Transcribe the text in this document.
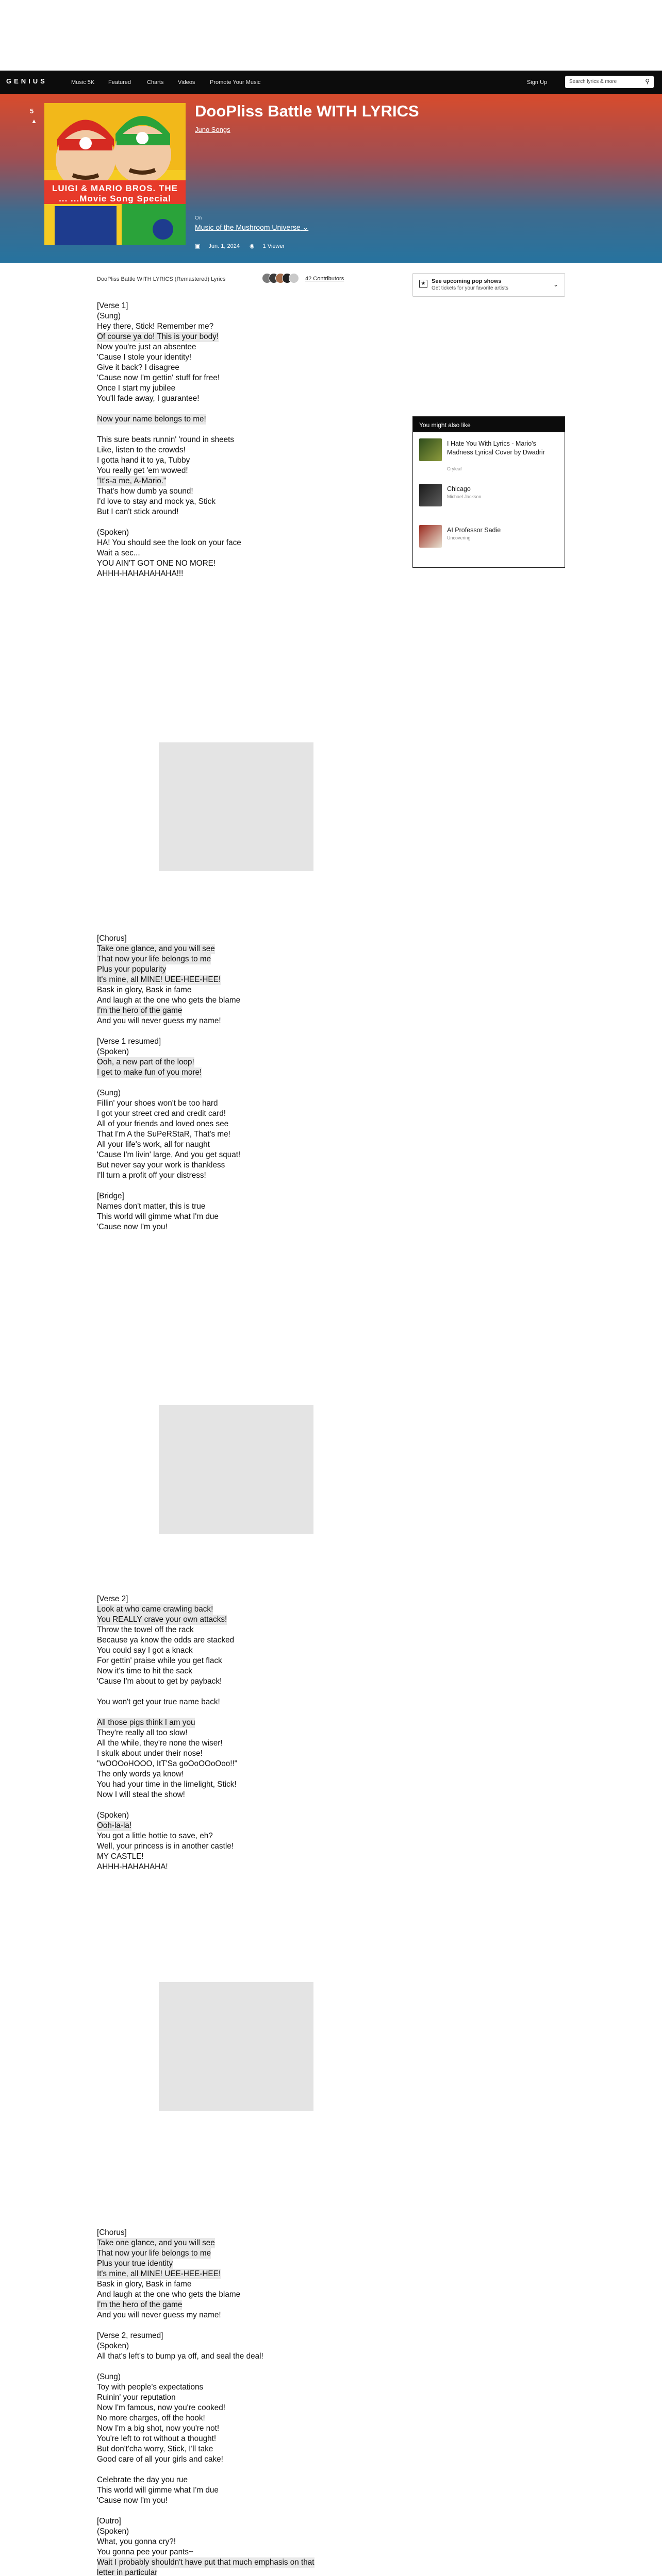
GENIUS	Music 5K Featured	Charts	Videos	Promote Your Music	Sign Up	Search lyrics & more	⚲
5
▲
LUIGI & MARIO BROS. THE ... ...Movie Song Special
DooPliss Battle WITH LYRICS
Juno Songs
On
Music of the Mushroom Universe ⌄
▣ Jun. 1, 2024 ◉ 1 Viewer
DooPliss Battle WITH LYRICS (Remastered) Lyrics	42 Contributors
[Verse 1]
(Sung)
Hey there, Stick! Remember me?
Of course ya do! This is your body!
Now you're just an absentee
'Cause I stole your identity!
Give it back? I disagree
'Cause now I'm gettin' stuff for free!
Once I start my jubilee
You'll fade away, I guarantee!
Now your name belongs to me!
This sure beats runnin' 'round in sheets
Like, listen to the crowds!
I gotta hand it to ya, Tubby
You really get 'em wowed!
"It's-a me, A-Mario."
That's how dumb ya sound!
I'd love to stay and mock ya, Stick
But I can't stick around!
(Spoken)
HA! You should see the look on your face
Wait a sec...
YOU AIN'T GOT ONE NO MORE!
AHHH-HAHAHAHAHA!!!
[Chorus]
Take one glance, and you will see
That now your life belongs to me
Plus your popularity
It's mine, all MINE! UEE-HEE-HEE!
Bask in glory, Bask in fame
And laugh at the one who gets the blame
I'm the hero of the game
And you will never guess my name!
[Verse 1 resumed]
(Spoken)
Ooh, a new part of the loop!
I get to make fun of you more!
(Sung)
Fillin' your shoes won't be too hard
I got your street cred and credit card!
All of your friends and loved ones see
That I'm A the SuPeRStaR, That's me!
All your life's work, all for naught
'Cause I'm livin' large, And you get squat!
But never say your work is thankless
I'll turn a profit off your distress!
[Bridge]
Names don't matter, this is true
This world will gimme what I'm due
'Cause now I'm you!
[Verse 2]
Look at who came crawling back!
You REALLY crave your own attacks!
Throw the towel off the rack
Because ya know the odds are stacked
You could say I got a knack
For gettin' praise while you get flack
Now it's time to hit the sack
'Cause I'm about to get by payback!
You won't get your true name back!
All those pigs think I am you
They're really all too slow!
All the while, they're none the wiser!
I skulk about under their nose!
"wOOOoHOOO, ItT'Sa goOoOOoOoo!!"
The only words ya know!
You had your time in the limelight, Stick!
Now I will steal the show!
(Spoken)
Ooh-la-la!
You got a little hottie to save, eh?
Well, your princess is in another castle!
MY CASTLE!
AHHH-HAHAHAHA!
[Chorus]
Take one glance, and you will see
That now your life belongs to me
Plus your true identity
It's mine, all MINE! UEE-HEE-HEE!
Bask in glory, Bask in fame
And laugh at the one who gets the blame
I'm the hero of the game
And you will never guess my name!
[Verse 2, resumed]
(Spoken)
All that's left's to bump ya off, and seal the deal!
(Sung)
Toy with people's expectations
Ruinin' your reputation
Now I'm famous, now you're cooked!
No more charges, off the hook!
Now I'm a big shot, now you're not!
You're left to rot without a thought!
But don't'cha worry, Stick, I'll take
Good care of all your girls and cake!
Celebrate the day you rue
This world will gimme what I'm due
'Cause now I'm you!
[Outro]
(Spoken)
What, you gonna cry?!
You gonna pee your pants~
Wait I probably shouldn't have put that much emphasis on that
letter in particular
★	See upcoming pop shows
Get tickets for your favorite artists
⌄
You might also like
I Hate You With Lyrics - Mario's Madness Lyrical Cover by Dwadrir
Cryleaf
Chicago
Michael Jackson
AI Professor Sadie
Uncovering
